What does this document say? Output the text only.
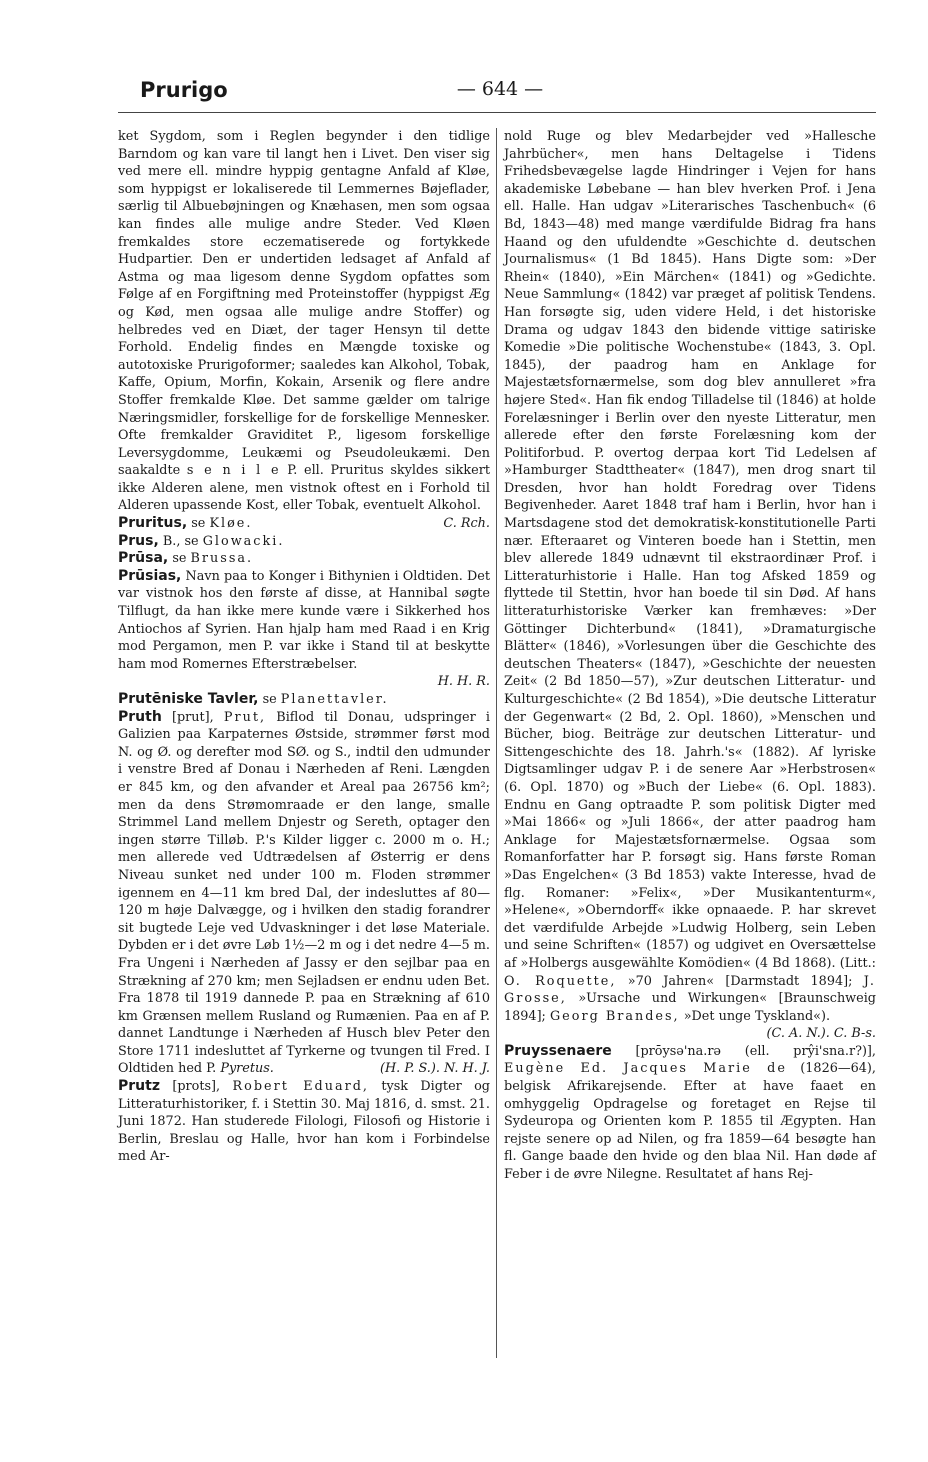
Prurigo	— 644 —

ket Sygdom, som i Reglen begynder i den tidlige Barndom og kan vare til langt hen i Livet. Den viser sig ved mere ell. mindre hyppig gentagne Anfald af Kløe, som hyppigst er lokaliserede til Lemmernes Bøjeflader, særlig til Albuebøjningen og Knæhasen, men som ogsaa kan findes alle mulige andre Steder. Ved Kløen fremkaldes store eczematiserede og fortykkede Hudpartier. Den er undertiden ledsaget af Anfald af Astma og maa ligesom denne Sygdom opfattes som Følge af en Forgiftning med Proteinstoffer (hyppigst Æg og Kød, men ogsaa alle mulige andre Stoffer) og helbredes ved en Diæt, der tager Hensyn til dette Forhold. Endelig findes en Mængde toxiske og autotoxiske Prurigoformer; saaledes kan Alkohol, Tobak, Kaffe, Opium, Morfin, Kokain, Arsenik og flere andre Stoffer fremkalde Kløe. Det samme gælder om talrige Næringsmidler, forskellige for de forskellige Mennesker. Ofte fremkalder Graviditet P., ligesom forskellige Leversygdomme, Leukæmi og Pseudoleukæmi. Den saakaldte s e n i l e P. ell. Pruritus skyldes sikkert ikke Alderen alene, men vistnok oftest en i Forhold til Alderen upassende Kost, eller Tobak, eventuelt Alkohol.
C. Rch.

Pruritus, se Kløe.

Prus, B., se Glowacki.

Prūsa, se Brussa.

Prūsias, Navn paa to Konger i Bithynien i Oldtiden. Det var vistnok hos den første af disse, at Hannibal søgte Tilflugt, da han ikke mere kunde være i Sikkerhed hos Antiochos af Syrien. Han hjalp ham med Raad i en Krig mod Pergamon, men P. var ikke i Stand til at beskytte ham mod Romernes Efterstræbelser.

H. H. R.

Prutēniske Tavler, se Planettavler.

Pruth [prut], Prut, Biflod til Donau, udspringer i Galizien paa Karpaternes Østside, strømmer først mod N. og Ø. og derefter mod SØ. og S., indtil den udmunder i venstre Bred af Donau i Nærheden af Reni. Længden er 845 km, og den afvander et Areal paa 26756 km²; men da dens Strømomraade er den lange, smalle Strimmel Land mellem Dnjestr og Sereth, optager den ingen større Tilløb. P.'s Kilder ligger c. 2000 m o. H.; men allerede ved Udtrædelsen af Østerrig er dens Niveau sunket ned under 100 m. Floden strømmer igennem en 4—11 km bred Dal, der indesluttes af 80—120 m høje Dalvægge, og i hvilken den stadig forandrer sit bugtede Leje ved Udvaskninger i det løse Materiale. Dybden er i det øvre Løb 1½—2 m og i det nedre 4—5 m. Fra Ungeni i Nærheden af Jassy er den sejlbar paa en Strækning af 270 km; men Sejladsen er endnu uden Bet. Fra 1878 til 1919 dannede P. paa en Strækning af 610 km Grænsen mellem Rusland og Rumænien. Paa en af P. dannet Landtunge i Nærheden af Husch blev Peter den Store 1711 indesluttet af Tyrkerne og tvungen til Fred. I Oldtiden hed P. Pyretus.	(H. P. S.). N. H. J.

Prutz [prots], Robert Eduard, tysk Digter og Litteraturhistoriker, f. i Stettin 30. Maj 1816, d. smst. 21. Juni 1872. Han studerede Filologi, Filosofi og Historie i Berlin, Breslau og Halle, hvor han kom i Forbindelse med Ar-

nold Ruge og blev Medarbejder ved »Hallesche Jahrbücher«, men hans Deltagelse i Tidens Frihedsbevægelse lagde Hindringer i Vejen for hans akademiske Løbebane — han blev hverken Prof. i Jena ell. Halle. Han udgav »Literarisches Taschenbuch« (6 Bd, 1843—48) med mange værdifulde Bidrag fra hans Haand og den ufuldendte »Geschichte d. deutschen Journalismus« (1 Bd 1845). Hans Digte som: »Der Rhein« (1840), »Ein Märchen« (1841) og »Gedichte. Neue Sammlung« (1842) var præget af politisk Tendens. Han forsøgte sig, uden videre Held, i det historiske Drama og udgav 1843 den bidende vittige satiriske Komedie »Die politische Wochenstube« (1843, 3. Opl. 1845), der paadrog ham en Anklage for Majestætsfornærmelse, som dog blev annulleret »fra højere Sted«. Han fik endog Tilladelse til (1846) at holde Forelæsninger i Berlin over den nyeste Litteratur, men allerede efter den første Forelæsning kom der Politiforbud. P. overtog derpaa kort Tid Ledelsen af »Hamburger Stadttheater« (1847), men drog snart til Dresden, hvor han holdt Foredrag over Tidens Begivenheder. Aaret 1848 traf ham i Berlin, hvor han i Martsdagene stod det demokratisk-konstitutionelle Parti nær. Efteraaret og Vinteren boede han i Stettin, men blev allerede 1849 udnævnt til ekstraordinær Prof. i Litteraturhistorie i Halle. Han tog Afsked 1859 og flyttede til Stettin, hvor han boede til sin Død. Af hans litteraturhistoriske Værker kan fremhæves: »Der Göttinger Dichterbund« (1841), »Dramaturgische Blätter« (1846), »Vorlesungen über die Geschichte des deutschen Theaters« (1847), »Geschichte der neuesten Zeit« (2 Bd 1850—57), »Zur deutschen Litteratur- und Kulturgeschichte« (2 Bd 1854), »Die deutsche Litteratur der Gegenwart« (2 Bd, 2. Opl. 1860), »Menschen und Bücher, biog. Beiträge zur deutschen Litteratur- und Sittengeschichte des 18. Jahrh.'s« (1882). Af lyriske Digtsamlinger udgav P. i de senere Aar »Herbstrosen« (6. Opl. 1870) og »Buch der Liebe« (6. Opl. 1883). Endnu en Gang optraadte P. som politisk Digter med »Mai 1866« og »Juli 1866«, der atter paadrog ham Anklage for Majestætsfornærmelse. Ogsaa som Romanforfatter har P. forsøgt sig. Hans første Roman »Das Engelchen« (3 Bd 1853) vakte Interesse, hvad de flg. Romaner: »Felix«, »Der Musikantenturm«, »Helene«, »Oberndorff« ikke opnaaede. P. har skrevet det værdifulde Arbejde »Ludwig Holberg, sein Leben und seine Schriften« (1857) og udgivet en Oversættelse af »Holbergs ausgewählte Komödien« (4 Bd 1868). (Litt.: O. Roquette, »70 Jahren« [Darmstadt 1894]; J. Grosse, »Ursache und Wirkungen« [Braunschweig 1894]; Georg Brandes, »Det unge Tyskland«).

(C. A. N.). C. B-s.

Pruyssenaere [prōysə'na.rə (ell. prŷi'sna.r?)], Eugène Ed. Jacques Marie de (1826—64), belgisk Afrikarejsende. Efter at have faaet en omhyggelig Opdragelse og foretaget en Rejse til Sydeuropa og Orienten kom P. 1855 til Ægypten. Han rejste senere op ad Nilen, og fra 1859—64 besøgte han fl. Gange baade den hvide og den blaa Nil. Han døde af Feber i de øvre Nilegne. Resultatet af hans Rej-
